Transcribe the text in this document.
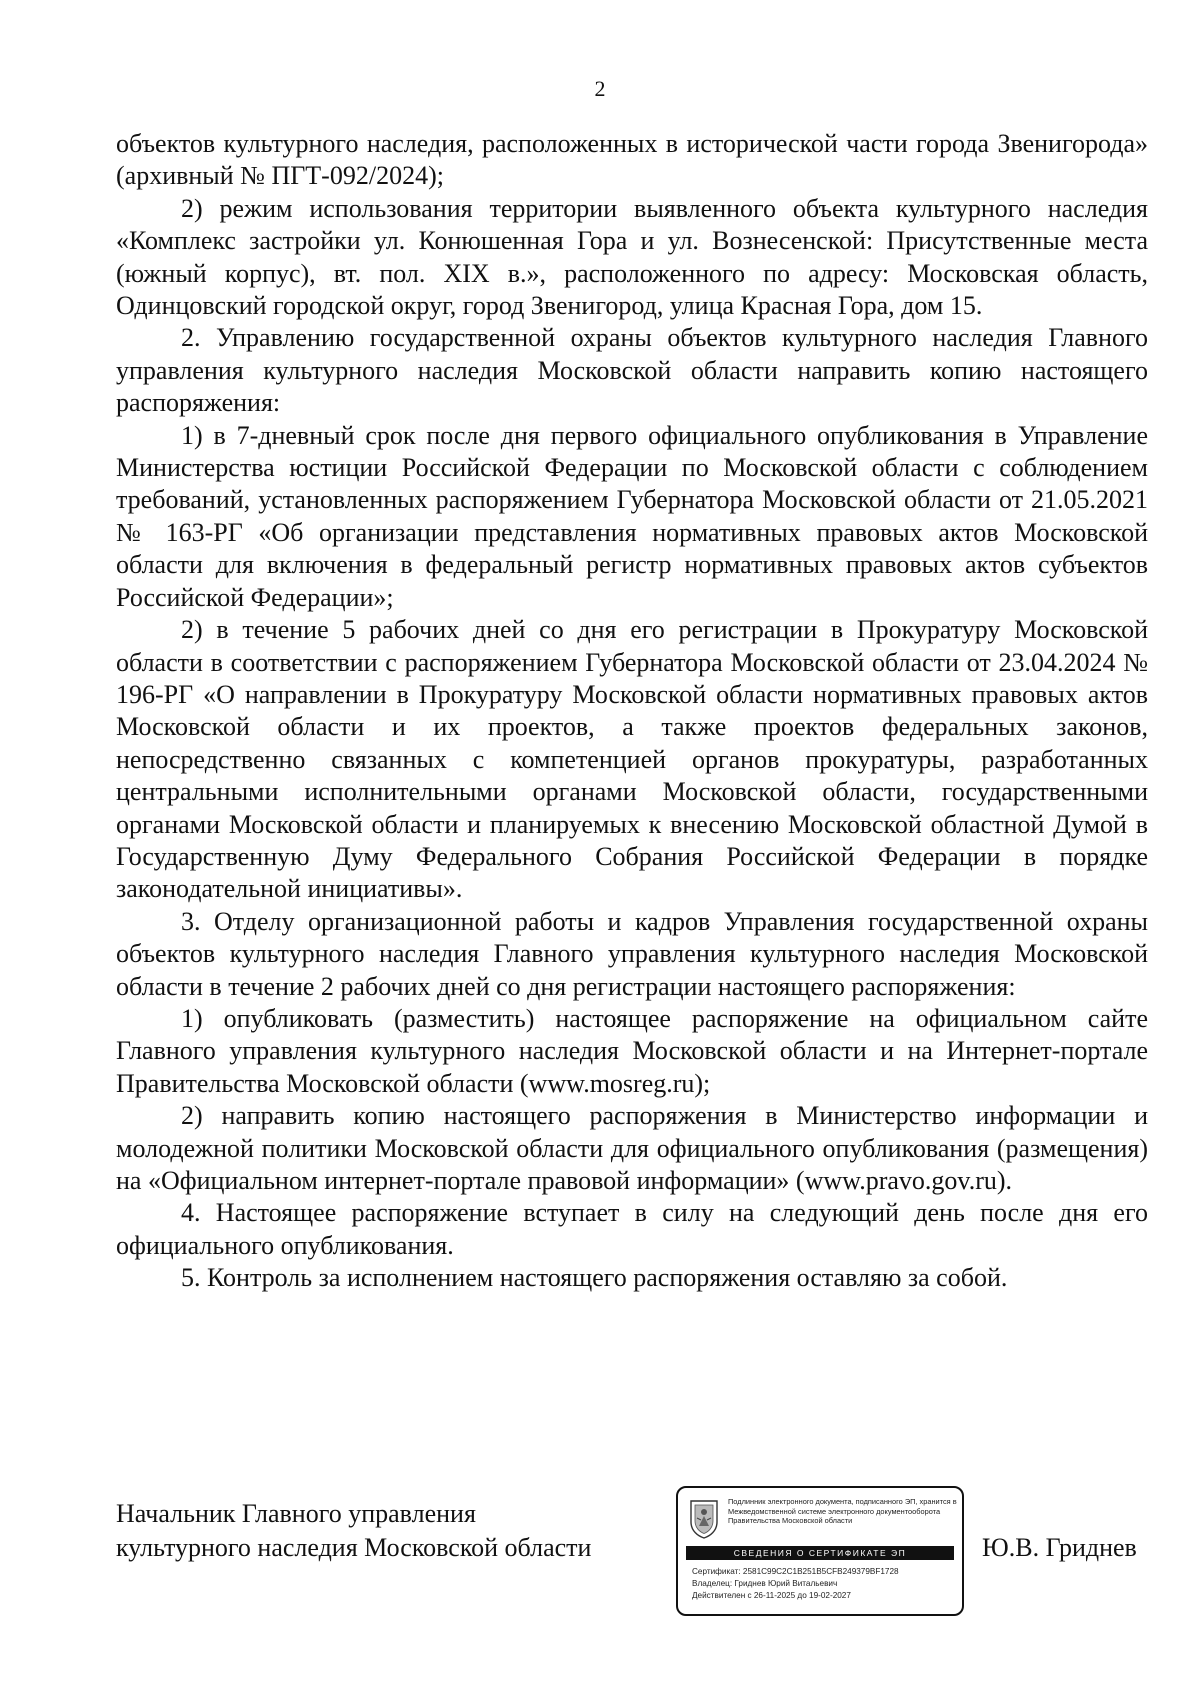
2

объектов культурного наследия, расположенных в исторической части города Звенигорода» (архивный № ПГТ-092/2024);

2) режим использования территории выявленного объекта культурного наследия «Комплекс застройки ул. Конюшенная Гора и ул. Вознесенской: Присутственные места (южный корпус), вт. пол. XIX в.», расположенного по адресу: Московская область, Одинцовский городской округ, город Звенигород, улица Красная Гора, дом 15.

2. Управлению государственной охраны объектов культурного наследия Главного управления культурного наследия Московской области направить копию настоящего распоряжения:

1) в 7-дневный срок после дня первого официального опубликования в Управление Министерства юстиции Российской Федерации по Московской области с соблюдением требований, установленных распоряжением Губернатора Московской области от 21.05.2021 № 163-РГ «Об организации представления нормативных правовых актов Московской области для включения в федеральный регистр нормативных правовых актов субъектов Российской Федерации»;

2) в течение 5 рабочих дней со дня его регистрации в Прокуратуру Московской области в соответствии с распоряжением Губернатора Московской области от 23.04.2024 № 196-РГ «О направлении в Прокуратуру Московской области нормативных правовых актов Московской области и их проектов, а также проектов федеральных законов, непосредственно связанных с компетенцией органов прокуратуры, разработанных центральными исполнительными органами Московской области, государственными органами Московской области и планируемых к внесению Московской областной Думой в Государственную Думу Федерального Собрания Российской Федерации в порядке законодательной инициативы».

3. Отделу организационной работы и кадров Управления государственной охраны объектов культурного наследия Главного управления культурного наследия Московской области в течение 2 рабочих дней со дня регистрации настоящего распоряжения:

1) опубликовать (разместить) настоящее распоряжение на официальном сайте Главного управления культурного наследия Московской области и на Интернет-портале Правительства Московской области (www.mosreg.ru);

2) направить копию настоящего распоряжения в Министерство информации и молодежной политики Московской области для официального опубликования (размещения) на «Официальном интернет-портале правовой информации» (www.pravo.gov.ru).

4. Настоящее распоряжение вступает в силу на следующий день после дня его официального опубликования.

5. Контроль за исполнением настоящего распоряжения оставляю за собой.

Начальник Главного управления
культурного наследия Московской области
Подлинник электронного документа, подписанного ЭП, хранится в Межведомственной системе электронного документооборота Правительства Московской области
СВЕДЕНИЯ О СЕРТИФИКАТЕ ЭП
Сертификат: 2581C99C2C1B251B5CFB249379BF1728
Владелец: Гриднев Юрий Витальевич
Действителен с 26-11-2025 до 19-02-2027
Ю.В. Гриднев
